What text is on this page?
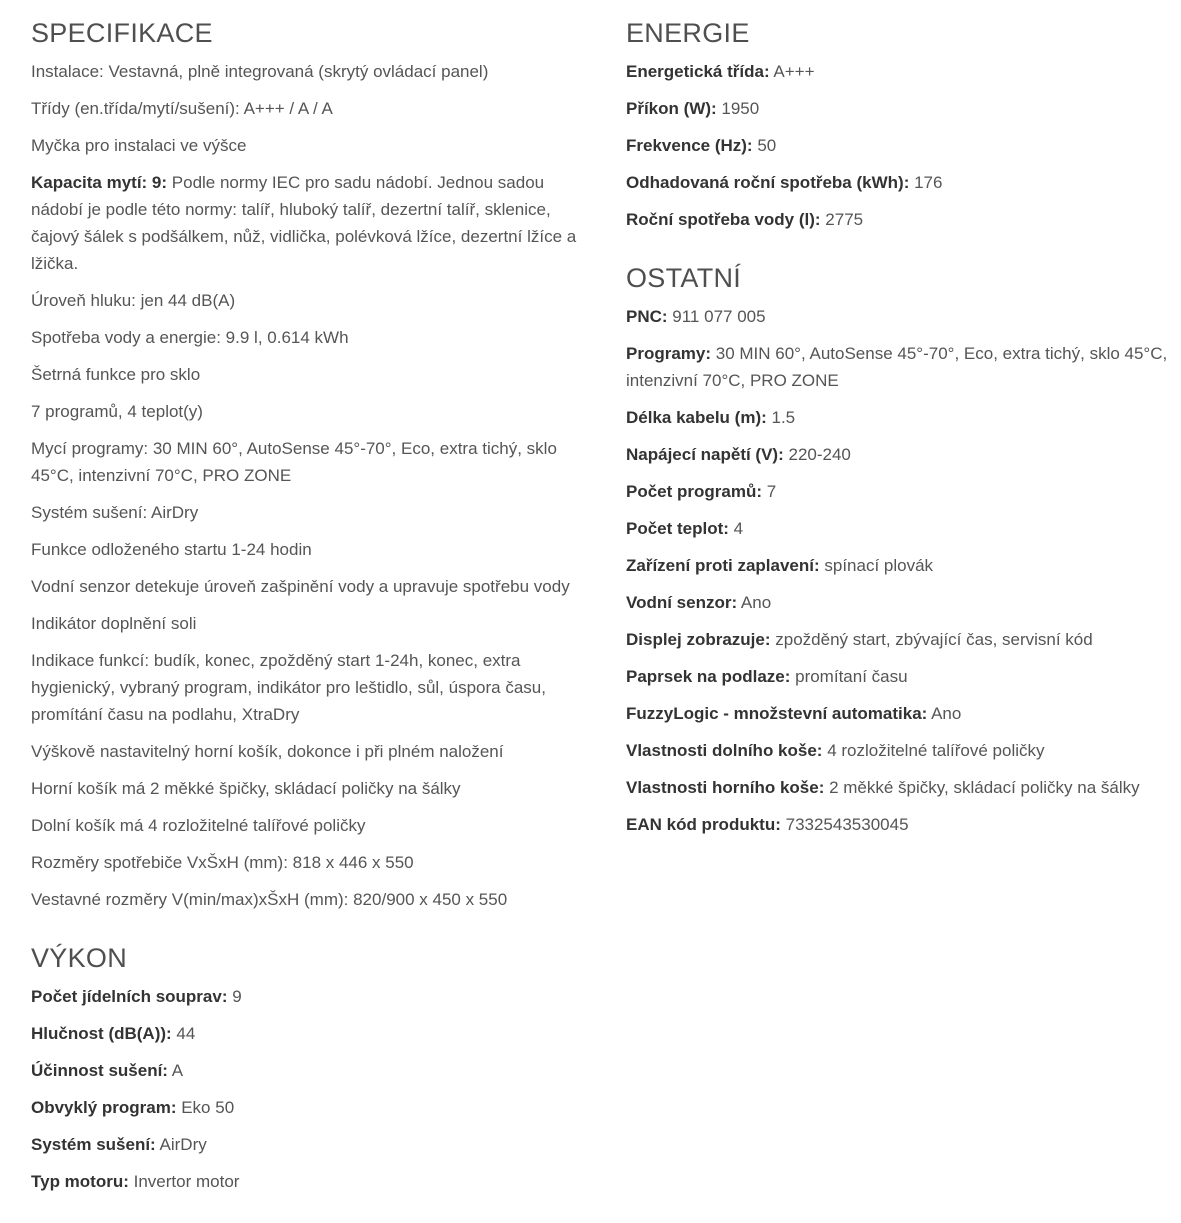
SPECIFIKACE
Instalace: Vestavná, plně integrovaná (skrytý ovládací panel)
Třídy (en.třída/mytí/sušení): A+++ / A / A
Myčka pro instalaci ve výšce
Kapacita mytí: 9: Podle normy IEC pro sadu nádobí. Jednou sadou nádobí je podle této normy: talíř, hluboký talíř, dezertní talíř, sklenice, čajový šálek s podšálkem, nůž, vidlička, polévková lžíce, dezertní lžíce a lžička.
Úroveň hluku: jen 44 dB(A)
Spotřeba vody a energie: 9.9 l, 0.614 kWh
Šetrná funkce pro sklo
7 programů, 4 teplot(y)
Mycí programy: 30 MIN 60°, AutoSense 45°-70°, Eco, extra tichý, sklo 45°C, intenzivní 70°C, PRO ZONE
Systém sušení: AirDry
Funkce odloženého startu 1-24 hodin
Vodní senzor detekuje úroveň zašpinění vody a upravuje spotřebu vody
Indikátor doplnění soli
Indikace funkcí: budík, konec, zpožděný start 1-24h, konec, extra hygienický, vybraný program, indikátor pro leštidlo, sůl, úspora času, promítání času na podlahu, XtraDry
Výškově nastavitelný horní košík, dokonce i při plném naložení
Horní košík má 2 měkké špičky, skládací poličky na šálky
Dolní košík má 4 rozložitelné talířové poličky
Rozměry spotřebiče VxŠxH (mm): 818 x 446 x 550
Vestavné rozměry V(min/max)xŠxH (mm): 820/900 x 450 x 550
VÝKON
Počet jídelních souprav: 9
Hlučnost (dB(A)): 44
Účinnost sušení: A
Obvyklý program: Eko 50
Systém sušení: AirDry
Typ motoru: Invertor motor
ENERGIE
Energetická třída: A+++
Příkon (W): 1950
Frekvence (Hz): 50
Odhadovaná roční spotřeba (kWh): 176
Roční spotřeba vody (l): 2775
OSTATNÍ
PNC: 911 077 005
Programy: 30 MIN 60°, AutoSense 45°-70°, Eco, extra tichý, sklo 45°C, intenzivní 70°C, PRO ZONE
Délka kabelu (m): 1.5
Napájecí napětí (V): 220-240
Počet programů: 7
Počet teplot: 4
Zařízení proti zaplavení: spínací plovák
Vodní senzor: Ano
Displej zobrazuje: zpožděný start, zbývající čas, servisní kód
Paprsek na podlaze: promítaní času
FuzzyLogic - množstevní automatika: Ano
Vlastnosti dolního koše: 4 rozložitelné talířové poličky
Vlastnosti horního koše: 2 měkké špičky, skládací poličky na šálky
EAN kód produktu: 7332543530045
